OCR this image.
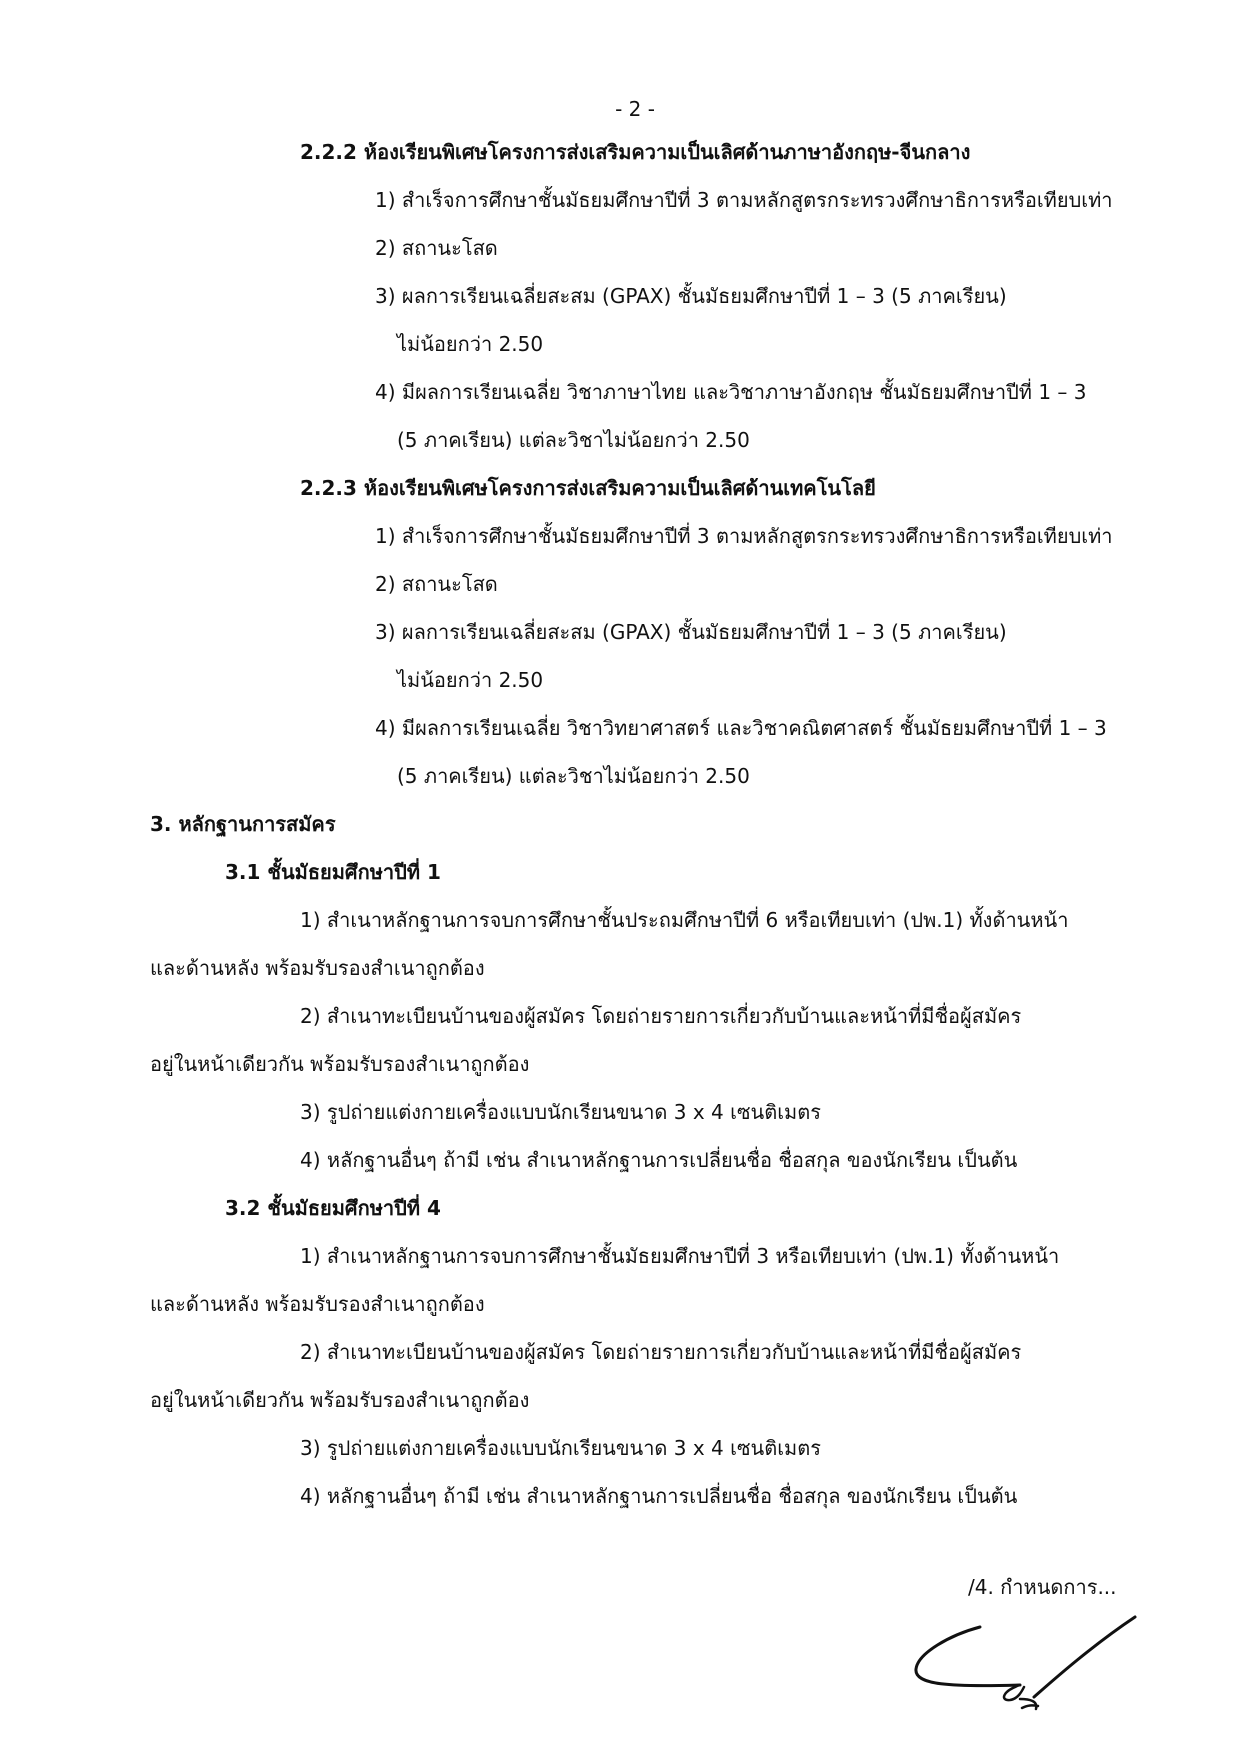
- 2 -
2.2.2 ห้องเรียนพิเศษโครงการส่งเสริมความเป็นเลิศด้านภาษาอังกฤษ-จีนกลาง
1) สำเร็จการศึกษาชั้นมัธยมศึกษาปีที่ 3 ตามหลักสูตรกระทรวงศึกษาธิการหรือเทียบเท่า
2) สถานะโสด
3) ผลการเรียนเฉลี่ยสะสม (GPAX) ชั้นมัธยมศึกษาปีที่ 1 – 3 (5 ภาคเรียน)
ไม่น้อยกว่า 2.50
4) มีผลการเรียนเฉลี่ย วิชาภาษาไทย และวิชาภาษาอังกฤษ ชั้นมัธยมศึกษาปีที่ 1 – 3
(5 ภาคเรียน) แต่ละวิชาไม่น้อยกว่า 2.50
2.2.3 ห้องเรียนพิเศษโครงการส่งเสริมความเป็นเลิศด้านเทคโนโลยี
1) สำเร็จการศึกษาชั้นมัธยมศึกษาปีที่ 3 ตามหลักสูตรกระทรวงศึกษาธิการหรือเทียบเท่า
2) สถานะโสด
3) ผลการเรียนเฉลี่ยสะสม (GPAX) ชั้นมัธยมศึกษาปีที่ 1 – 3 (5 ภาคเรียน)
ไม่น้อยกว่า 2.50
4) มีผลการเรียนเฉลี่ย วิชาวิทยาศาสตร์ และวิชาคณิตศาสตร์ ชั้นมัธยมศึกษาปีที่ 1 – 3
(5 ภาคเรียน) แต่ละวิชาไม่น้อยกว่า 2.50
3. หลักฐานการสมัคร
3.1 ชั้นมัธยมศึกษาปีที่ 1
1) สำเนาหลักฐานการจบการศึกษาชั้นประถมศึกษาปีที่ 6 หรือเทียบเท่า (ปพ.1) ทั้งด้านหน้า
และด้านหลัง พร้อมรับรองสำเนาถูกต้อง
2) สำเนาทะเบียนบ้านของผู้สมัคร โดยถ่ายรายการเกี่ยวกับบ้านและหน้าที่มีชื่อผู้สมัคร
อยู่ในหน้าเดียวกัน พร้อมรับรองสำเนาถูกต้อง
3) รูปถ่ายแต่งกายเครื่องแบบนักเรียนขนาด 3 x 4 เซนติเมตร
4) หลักฐานอื่นๆ ถ้ามี เช่น สำเนาหลักฐานการเปลี่ยนชื่อ ชื่อสกุล ของนักเรียน เป็นต้น
3.2 ชั้นมัธยมศึกษาปีที่ 4
1) สำเนาหลักฐานการจบการศึกษาชั้นมัธยมศึกษาปีที่ 3 หรือเทียบเท่า (ปพ.1) ทั้งด้านหน้า
และด้านหลัง พร้อมรับรองสำเนาถูกต้อง
2) สำเนาทะเบียนบ้านของผู้สมัคร โดยถ่ายรายการเกี่ยวกับบ้านและหน้าที่มีชื่อผู้สมัคร
อยู่ในหน้าเดียวกัน พร้อมรับรองสำเนาถูกต้อง
3) รูปถ่ายแต่งกายเครื่องแบบนักเรียนขนาด 3 x 4 เซนติเมตร
4) หลักฐานอื่นๆ ถ้ามี เช่น สำเนาหลักฐานการเปลี่ยนชื่อ ชื่อสกุล ของนักเรียน เป็นต้น
/4. กำหนดการ...
